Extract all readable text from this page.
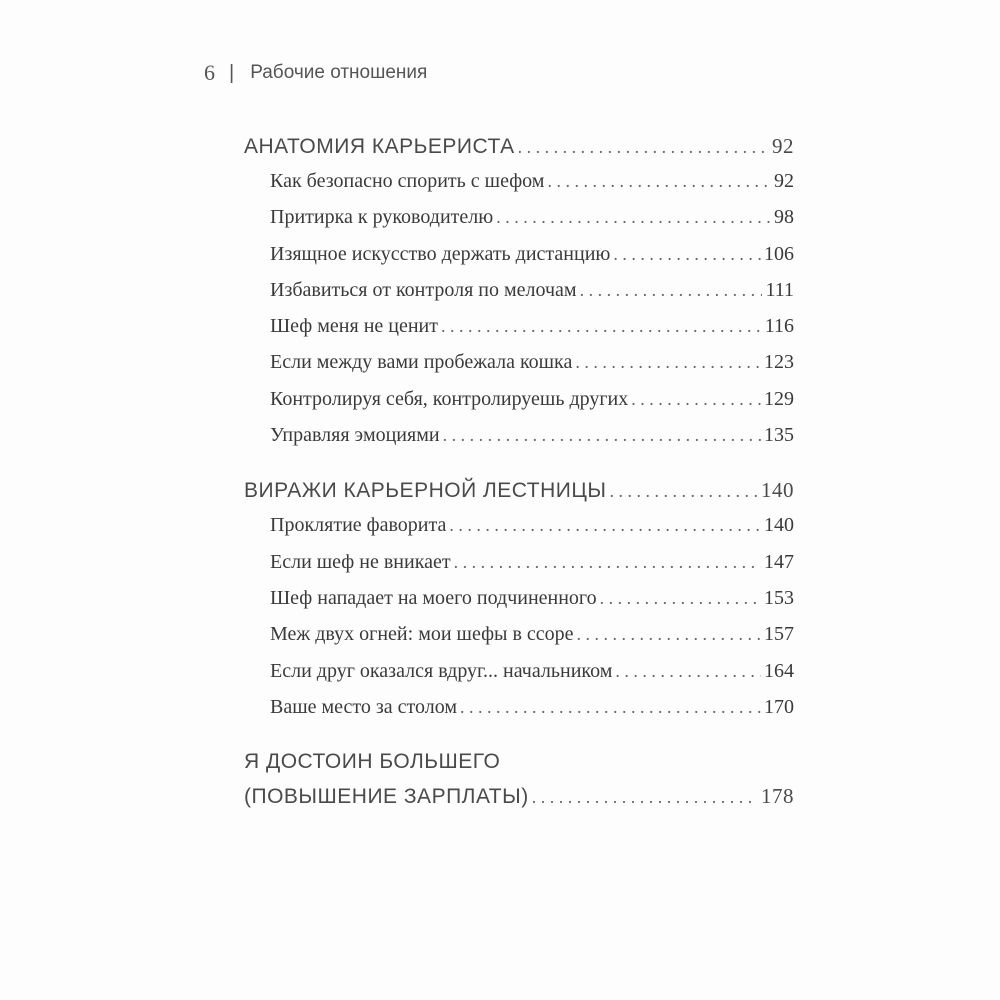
6 | Рабочие отношения
АНАТОМИЯ КАРЬЕРИСТА . . .	92
Как безопасно спорить с шефом . . .	92
Притирка к руководителю . . .	98
Изящное искусство держать дистанцию . . .	106
Избавиться от контроля по мелочам . . .	111
Шеф меня не ценит . . .	116
Если между вами пробежала кошка . . .	123
Контролируя себя, контролируешь других . . .	129
Управляя эмоциями . . .	135
ВИРАЖИ КАРЬЕРНОЙ ЛЕСТНИЦЫ . . .	140
Проклятие фаворита . . .	140
Если шеф не вникает . . .	147
Шеф нападает на моего подчиненного . . .	153
Меж двух огней: мои шефы в ссоре . . .	157
Если друг оказался вдруг... начальником . . .	164
Ваше место за столом . . .	170
Я ДОСТОИН БОЛЬШЕГО
(ПОВЫШЕНИЕ ЗАРПЛАТЫ) . . .	178
